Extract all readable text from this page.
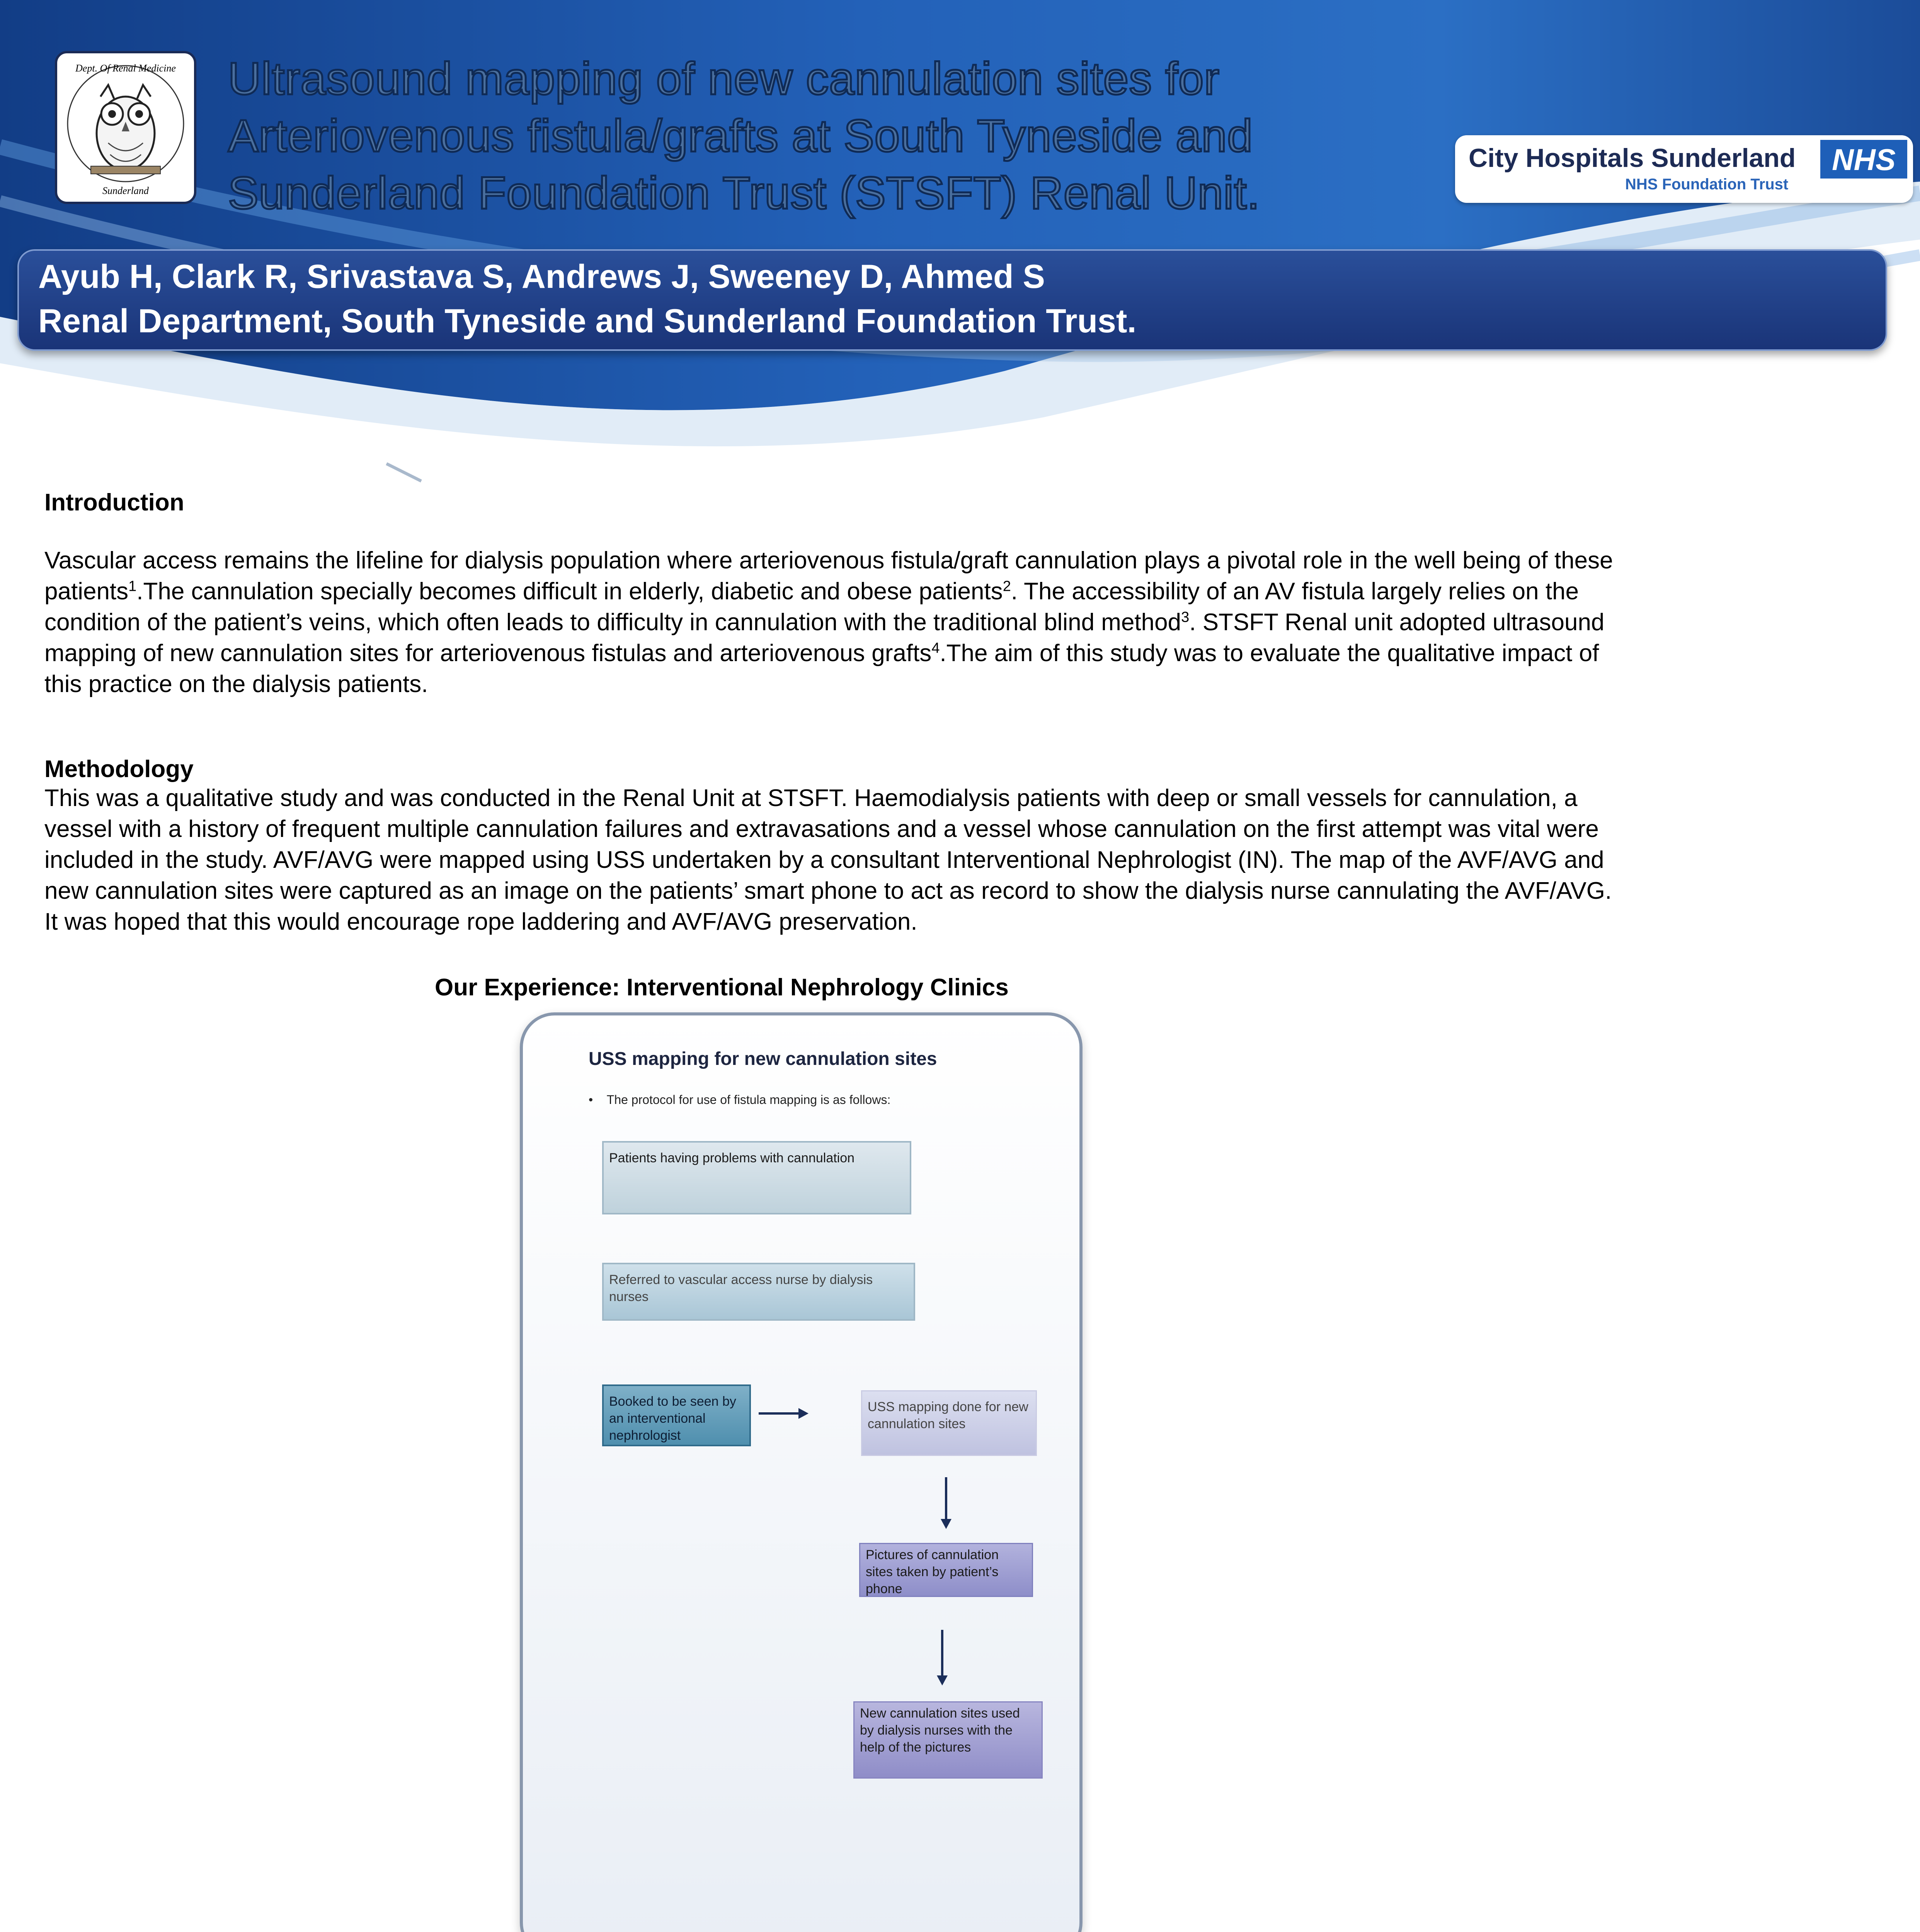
Sunderland
Dept. Of Renal Medicine Ultrasound mapping of new cannulation sites for
Arteriovenous fistula/grafts at South Tyneside and
Sunderland Foundation Trust (STSFT) Renal Unit.
City Hospitals Sunderland
NHS Foundation Trust
NHS

Ayub H, Clark R, Srivastava S, Andrews J, Sweeney D, Ahmed S
Renal Department, South Tyneside and Sunderland Foundation Trust.

Introduction

Vascular access remains the lifeline for dialysis population where arteriovenous fistula/graft cannulation plays a pivotal role in the well being of these patients$^1$.The cannulation specially becomes difficult in elderly, diabetic and obese patients$^2$. The accessibility of an AV fistula largely relies on the condition of the patient’s veins, which often leads to difficulty in cannulation with the traditional blind method$^3$. STSFT Renal unit adopted ultrasound mapping of new cannulation sites for arteriovenous fistulas and arteriovenous grafts$^4$.The aim of this study was to evaluate the qualitative impact of this practice on the dialysis patients.

Methodology

This was a qualitative study and was conducted in the Renal Unit at STSFT. Haemodialysis patients with deep or small vessels for cannulation, a vessel with a history of frequent multiple cannulation failures and extravasations and a vessel whose cannulation on the first attempt was vital were included in the study. AVF/AVG were mapped using USS undertaken by a consultant Interventional Nephrologist (IN). The map of the AVF/AVG and new cannulation sites were captured as an image on the patients’ smart phone to act as record to show the dialysis nurse cannulating the AVF/AVG. It was hoped that this would encourage rope laddering and AVF/AVG preservation.

Our Experience: Interventional Nephrology Clinics

USS mapping for new cannulation sites
•    The protocol for use of fistula mapping is as follows:
Patients having problems with cannulation
Referred to vascular access nurse by dialysis nurses
Booked to be seen by an interventional nephrologist
USS mapping done for new cannulation sites
Pictures of cannulation sites taken by patient’s phone
New cannulation sites used by dialysis nurses with the help of the pictures
